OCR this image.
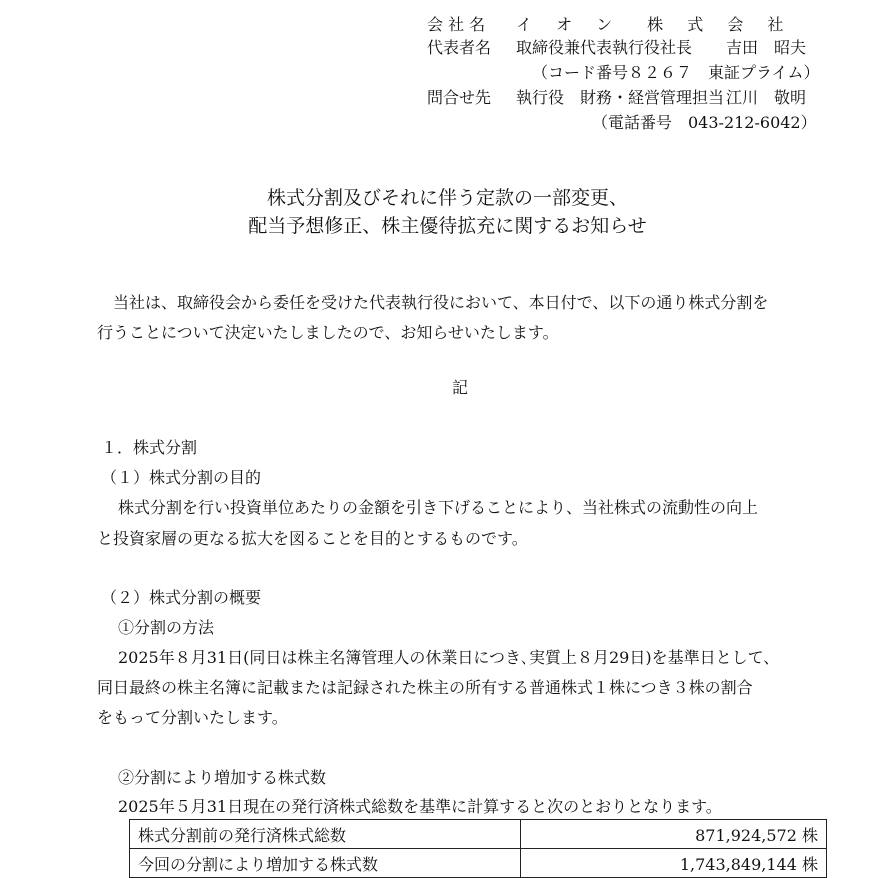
会 社 名 イ　 オ　 ン　　株　 式　 会　 社
代表者名 取締役兼代表執行役社長 吉田　昭夫
（コード番号８２６７　東証プライム）
問合せ先 執行役　財務・経営管理担当 江川　敬明
（電話番号　043-212-6042）
株式分割及びそれに伴う定款の一部変更、
配当予想修正、株主優待拡充に関するお知らせ
当社は、取締役会から委任を受けた代表執行役において、本日付で、以下の通り株式分割を
行うことについて決定いたしましたので、お知らせいたします。
記
１．株式分割
（１）株式分割の目的
株式分割を行い投資単位あたりの金額を引き下げることにより、当社株式の流動性の向上
と投資家層の更なる拡大を図ることを目的とするものです。
（２）株式分割の概要
①分割の方法
2025年８月31日(同日は株主名簿管理人の休業日につき､実質上８月29日)を基準日として、
同日最終の株主名簿に記載または記録された株主の所有する普通株式１株につき３株の割合
をもって分割いたします。
②分割により増加する株式数
2025年５月31日現在の発行済株式総数を基準に計算すると次のとおりとなります。
株式分割前の発行済株式総数	871,924,572 株
今回の分割により増加する株式数	1,743,849,144 株
